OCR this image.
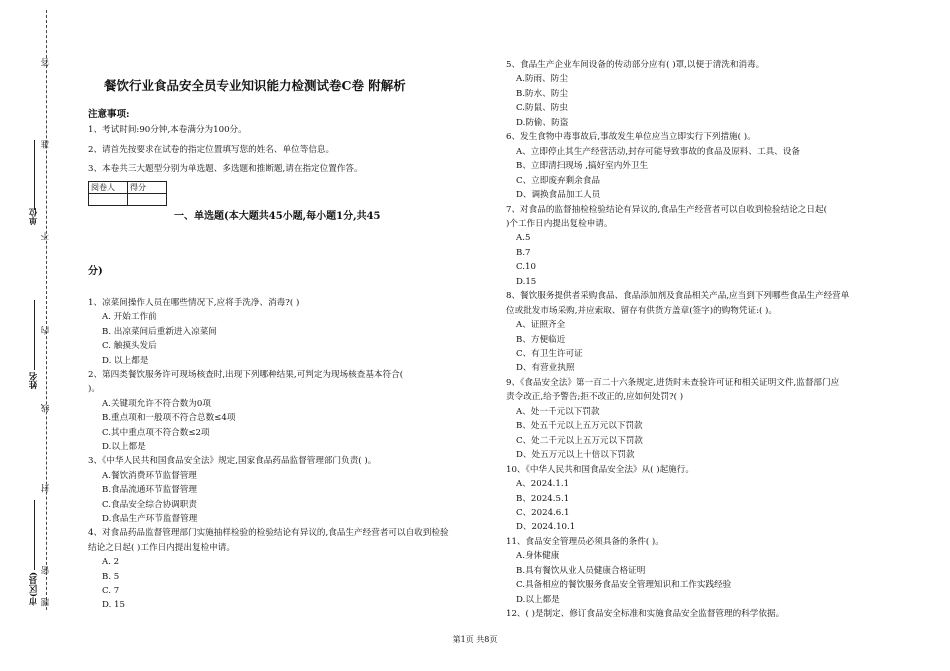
答
准
单位
不
内
姓名
线
封
市(区县)
密
题
餐饮行业食品安全员专业知识能力检测试卷C卷 附解析
注意事项:
1、考试时间:90分钟,本卷满分为100分。
2、请首先按要求在试卷的指定位置填写您的姓名、单位等信息。
3、本卷共三大题型分别为单选题、多选题和推断题,请在指定位置作答。
阅卷人	得分

一、单选题(本大题共45小题,每小题1分,共45
分)
1、凉菜间操作人员在哪些情况下,应将手洗净、消毒?( )
A. 开始工作前
B. 出凉菜间后重新进入凉菜间
C. 触摸头发后
D. 以上都是
2、第四类餐饮服务许可现场核查时,出现下列哪种结果,可判定为现场核查基本符合(
)。
A.关键项允许不符合数为0项
B.重点项和一般项不符合总数≤4项
C.其中重点项不符合数≤2项
D.以上都是
3、《中华人民共和国食品安全法》规定,国家食品药品监督管理部门负责( )。
A.餐饮消费环节监督管理
B.食品流通环节监督管理
C.食品安全综合协调职责
D.食品生产环节监督管理
4、对食品药品监督管理部门实施抽样检验的检验结论有异议的,食品生产经营者可以自收到检验
结论之日起( )工作日内提出复检申请。
A. 2
B. 5
C. 7
D. 15
5、食品生产企业车间设备的传动部分应有( )罩,以便于清洗和消毒。
A.防雨、防尘
B.防水、防尘
C.防鼠、防虫
D.防偷、防盗
6、发生食物中毒事故后,事故发生单位应当立即实行下列措施( )。
A、立即停止其生产经营活动,封存可能导致事故的食品及原料、工具、设备
B、立即清扫现场 ,搞好室内外卫生
C、立即废弃剩余食品
D、调换食品加工人员
7、对食品的监督抽检检验结论有异议的,食品生产经营者可以自收到检验结论之日起(
)个工作日内提出复检申请。
A.5
B.7
C.10
D.15
8、餐饮服务提供者采购食品、食品添加剂及食品相关产品,应当到下列哪些食品生产经营单
位或批发市场采购,并应索取、留存有供货方盖章(签字)的购物凭证:( )。
A、证照齐全
B、方便临近
C、有卫生许可证
D、有营业执照
9、《食品安全法》第一百二十六条规定,进货时未查验许可证和相关证明文件,监督部门应
责令改正,给予警告;拒不改正的,应如何处罚?( )
A、处一千元以下罚款
B、处五千元以上五万元以下罚款
C、处二千元以上五万元以下罚款
D、处五万元以上十倍以下罚款
10、《中华人民共和国食品安全法》从( )起施行。
A、2024.1.1
B、2024.5.1
C、2024.6.1
D、2024.10.1
11、食品安全管理员必须具备的条件( )。
A.身体健康
B.具有餐饮从业人员健康合格证明
C.具备相应的餐饮服务食品安全管理知识和工作实践经验
D.以上都是
12、( )是制定、修订食品安全标准和实施食品安全监督管理的科学依据。
第1页 共8页
